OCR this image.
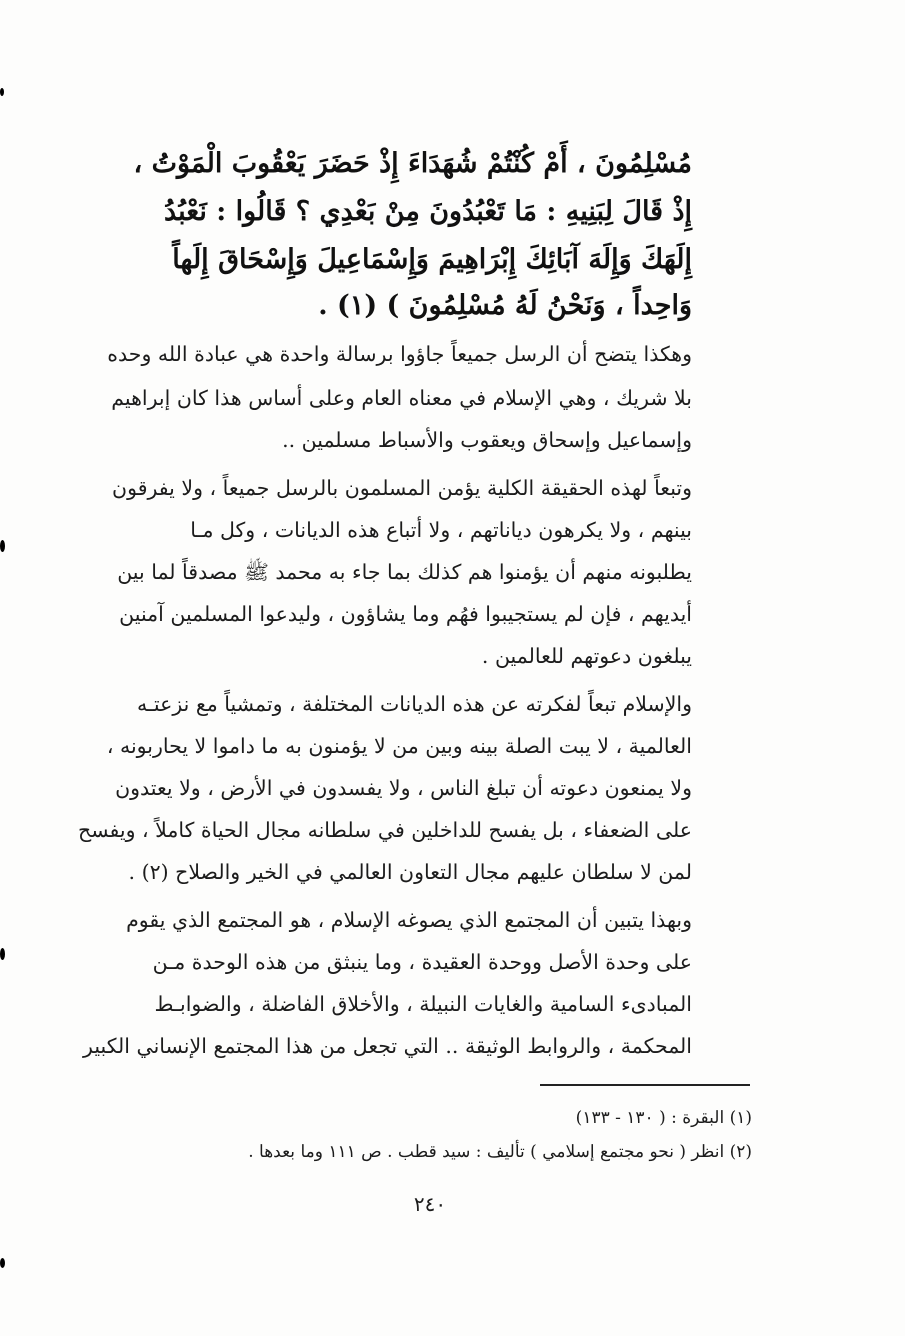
مُسْلِمُونَ ، أَمْ كُنْتُمْ شُهَدَاءَ إِذْ حَضَرَ يَعْقُوبَ الْمَوْتُ ،
إِذْ قَالَ لِبَنِيهِ : مَا تَعْبُدُونَ مِنْ بَعْدِي ؟ قَالُوا : نَعْبُدُ
إِلَهَكَ وَإِلَهَ آبَائِكَ إِبْرَاهِيمَ وَإِسْمَاعِيلَ وَإِسْحَاقَ إِلَهاً
وَاحِداً ، وَنَحْنُ لَهُ مُسْلِمُونَ ) (١) .
وهكذا يتضح أن الرسل جميعاً جاؤوا برسالة واحدة هي عبادة الله وحده
بلا شريك ، وهي الإسلام في معناه العام وعلى أساس هذا كان إبراهيم
وإسماعيل وإسحاق ويعقوب والأسباط مسلمين ..
وتبعاً لهذه الحقيقة الكلية يؤمن المسلمون بالرسل جميعاً ، ولا يفرقون
بينهم ، ولا يكرهون دياناتهم ، ولا أتباع هذه الديانات ، وكل مـا
يطلبونه منهم أن يؤمنوا هم كذلك بما جاء به محمد ﷺ مصدقاً لما بين
أيديهم ، فإن لم يستجيبوا فهُم وما يشاؤون ، وليدعوا المسلمين آمنين
يبلغون دعوتهم للعالمين .
والإسلام تبعاً لفكرته عن هذه الديانات المختلفة ، وتمشياً مع نزعتـه
العالمية ، لا يبت الصلة بينه وبين من لا يؤمنون به ما داموا لا يحاربونه ،
ولا يمنعون دعوته أن تبلغ الناس ، ولا يفسدون في الأرض ، ولا يعتدون
على الضعفاء ، بل يفسح للداخلين في سلطانه مجال الحياة كاملاً ، ويفسح
لمن لا سلطان عليهم مجال التعاون العالمي في الخير والصلاح (٢) .
وبهذا يتبين أن المجتمع الذي يصوغه الإسلام ، هو المجتمع الذي يقوم
على وحدة الأصل ووحدة العقيدة ، وما ينبثق من هذه الوحدة مـن
المبادىء السامية والغايات النبيلة ، والأخلاق الفاضلة ، والضوابـط
المحكمة ، والروابط الوثيقة .. التي تجعل من هذا المجتمع الإنساني الكبير
(١) البقرة : ( ١٣٠ - ١٣٣)
(٢) انظر ( نحو مجتمع إسلامي ) تأليف : سيد قطب . ص ١١١ وما بعدها .
٢٤٠
